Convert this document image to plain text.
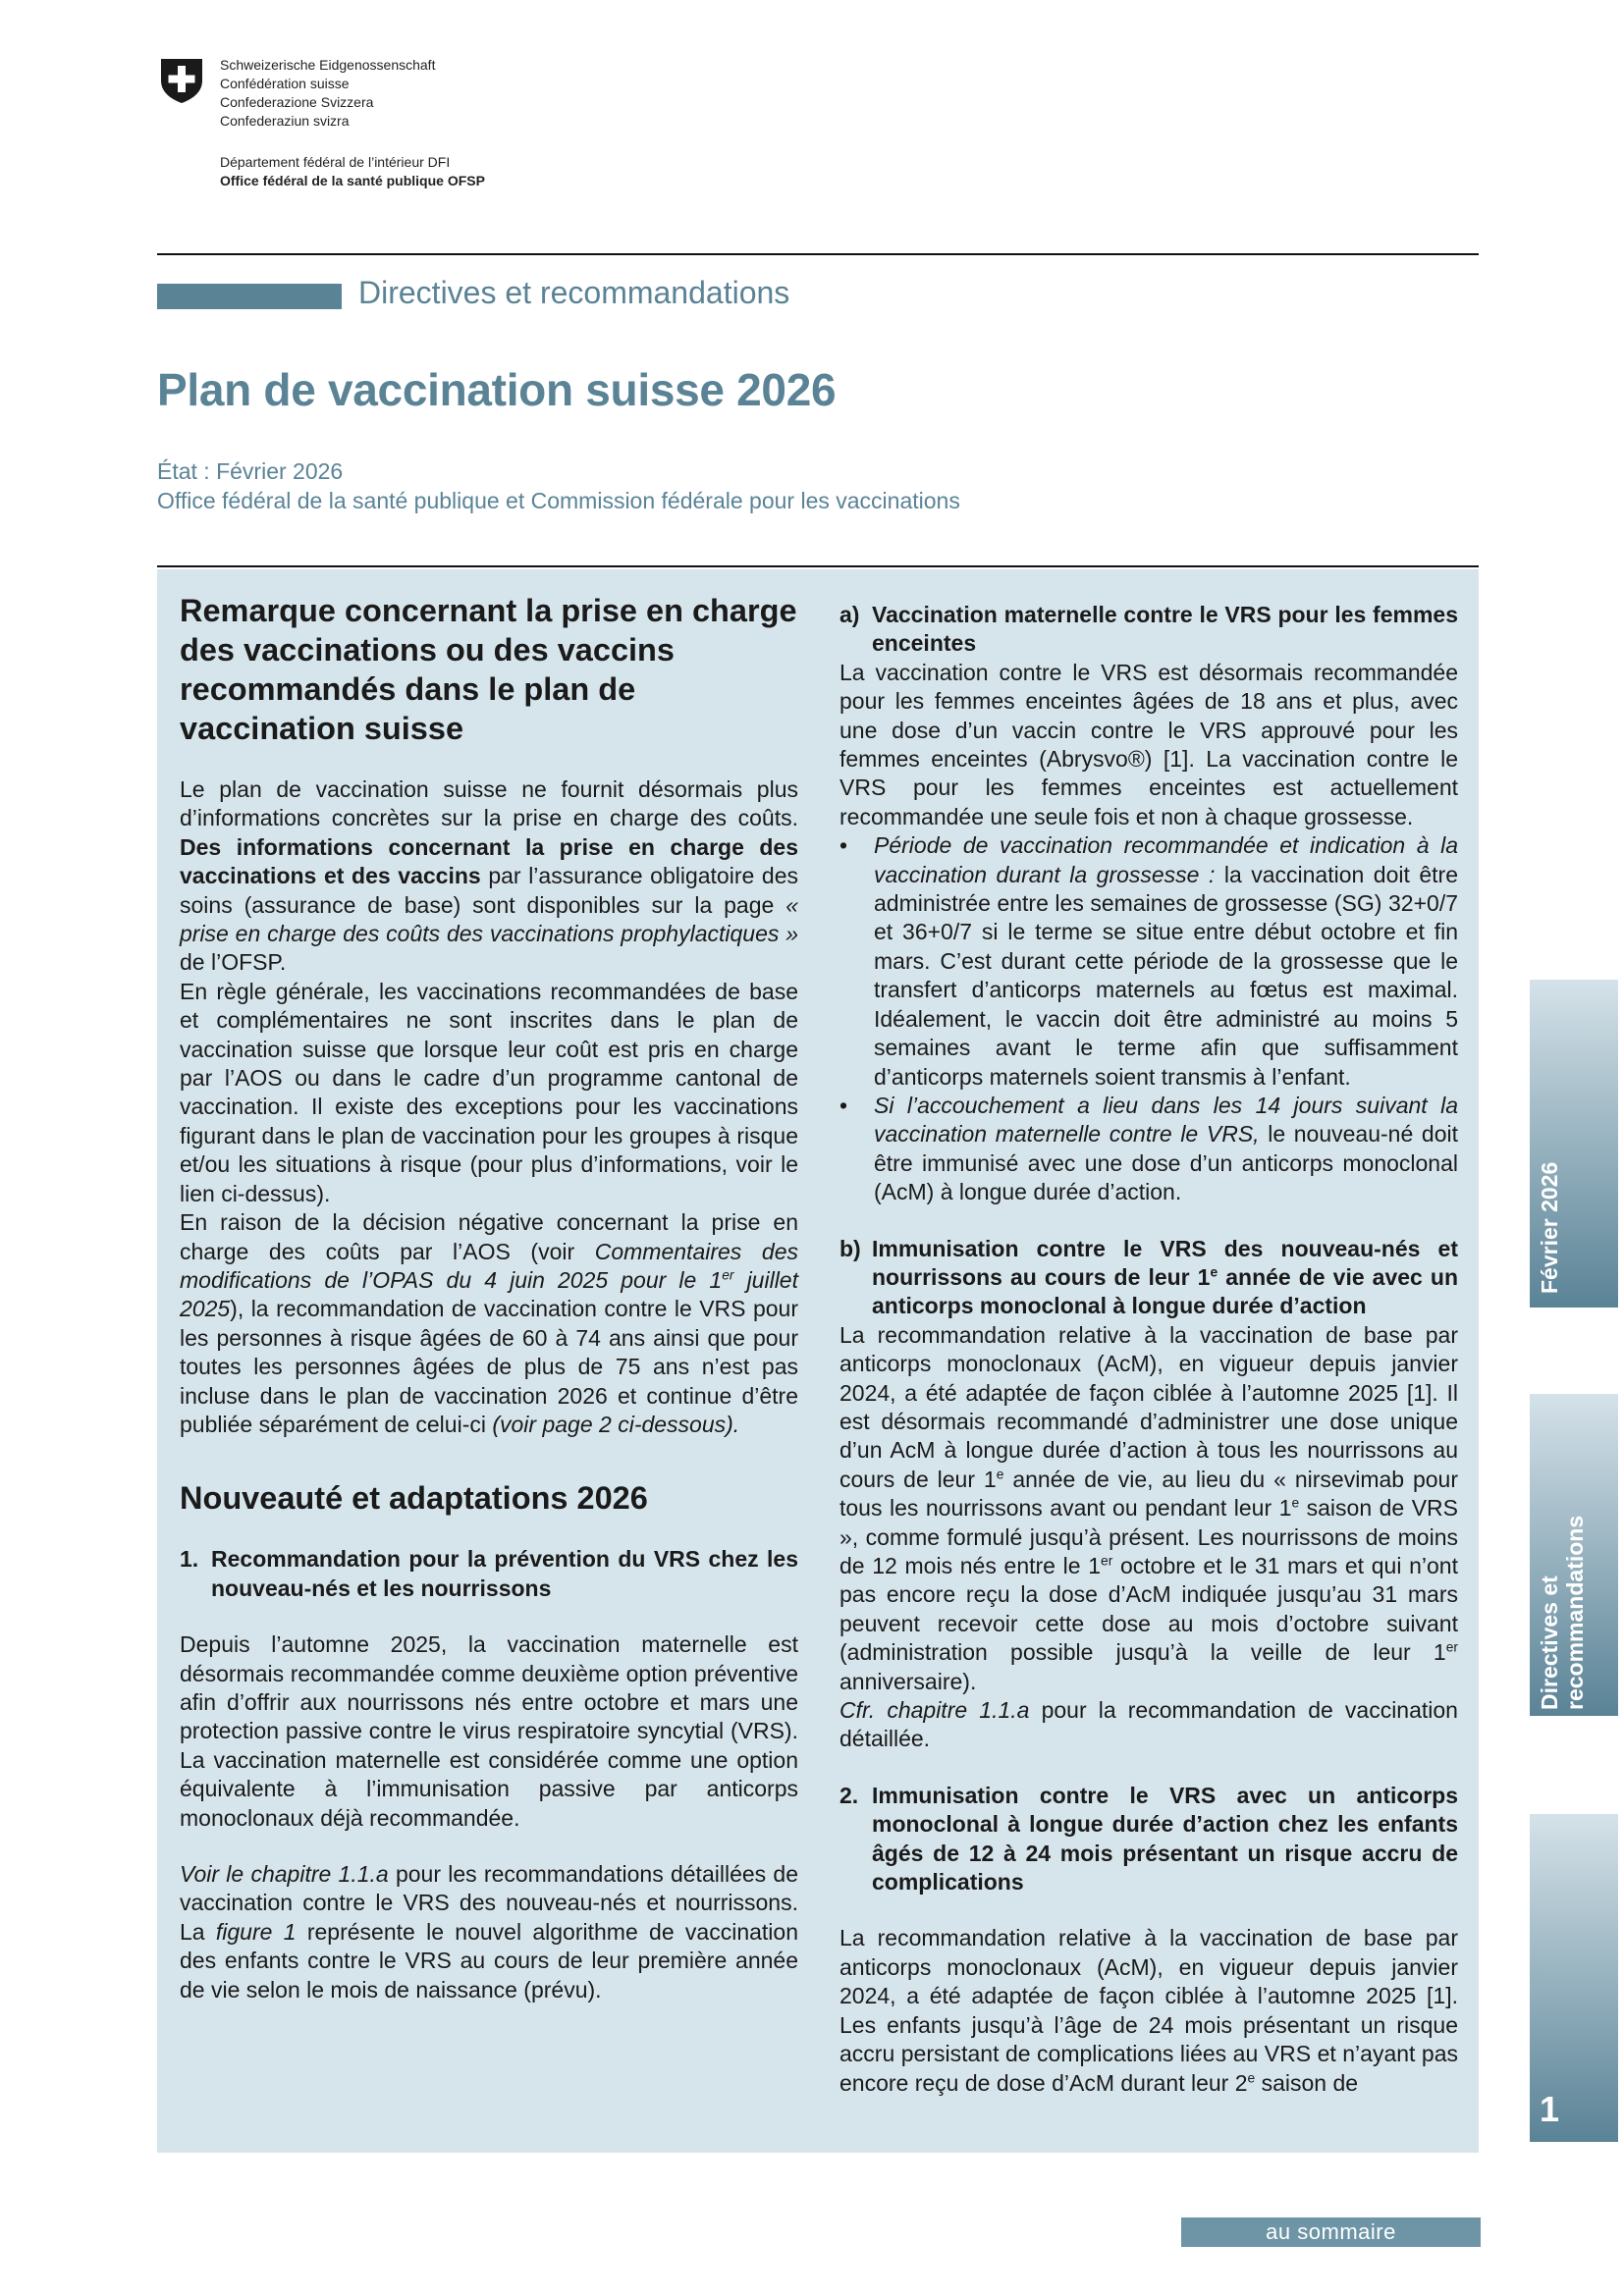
Schweizerische Eidgenossenschaft
Confédération suisse
Confederazione Svizzera
Confederaziun svizra
Département fédéral de l’intérieur DFI
Office fédéral de la santé publique OFSP
Directives et recommandations
Plan de vaccination suisse 2026
État : Février 2026
Office fédéral de la santé publique et Commission fédérale pour les vaccinations
Remarque concernant la prise en charge des vaccinations ou des vaccins recommandés dans le plan de vaccination suisse

Le plan de vaccination suisse ne fournit désormais plus d’informations concrètes sur la prise en charge des coûts. Des informations concernant la prise en charge des vaccinations et des vaccins par l’assurance obligatoire des soins (assurance de base) sont disponibles sur la page « prise en charge des coûts des vaccinations prophylactiques » de l’OFSP.

En règle générale, les vaccinations recommandées de base et complémentaires ne sont inscrites dans le plan de vaccination suisse que lorsque leur coût est pris en charge par l’AOS ou dans le cadre d’un programme cantonal de vaccination. Il existe des exceptions pour les vaccinations figurant dans le plan de vaccination pour les groupes à risque et/ou les situations à risque (pour plus d’informations, voir le lien ci-dessus).

En raison de la décision négative concernant la prise en charge des coûts par l’AOS (voir Commentaires des modifications de l’OPAS du 4 juin 2025 pour le 1er juillet 2025), la recommandation de vaccination contre le VRS pour les personnes à risque âgées de 60 à 74 ans ainsi que pour toutes les personnes âgées de plus de 75 ans n’est pas incluse dans le plan de vaccination 2026 et continue d’être publiée séparément de celui-ci (voir page 2 ci-dessous).

Nouveauté et adaptations 2026
1. Recommandation pour la prévention du VRS chez les nouveau-nés et les nourrissons

Depuis l’automne 2025, la vaccination maternelle est désormais recommandée comme deuxième option préventive afin d’offrir aux nourrissons nés entre octobre et mars une protection passive contre le virus respiratoire syncytial (VRS). La vaccination maternelle est considérée comme une option équivalente à l’immunisation passive par anticorps monoclonaux déjà recommandée.

Voir le chapitre 1.1.a pour les recommandations détaillées de vaccination contre le VRS des nouveau-nés et nourrissons. La figure 1 représente le nouvel algorithme de vaccination des enfants contre le VRS au cours de leur première année de vie selon le mois de naissance (prévu).

a) Vaccination maternelle contre le VRS pour les femmes enceintes

La vaccination contre le VRS est désormais recommandée pour les femmes enceintes âgées de 18 ans et plus, avec une dose d’un vaccin contre le VRS approuvé pour les femmes enceintes (Abrysvo®) [1]. La vaccination contre le VRS pour les femmes enceintes est actuellement recommandée une seule fois et non à chaque grossesse.

•	Période de vaccination recommandée et indication à la vaccination durant la grossesse : la vaccination doit être administrée entre les semaines de grossesse (SG) 32+0/7 et 36+0/7 si le terme se situe entre début octobre et fin mars. C’est durant cette période de la grossesse que le transfert d’anticorps maternels au fœtus est maximal. Idéalement, le vaccin doit être administré au moins 5 semaines avant le terme afin que suffisamment d’anticorps maternels soient transmis à l’enfant.
•	Si l’accouchement a lieu dans les 14 jours suivant la vaccination maternelle contre le VRS, le nouveau-né doit être immunisé avec une dose d’un anticorps monoclonal (AcM) à longue durée d’action.
b) Immunisation contre le VRS des nouveau-nés et nourrissons au cours de leur 1e année de vie avec un anticorps monoclonal à longue durée d’action

La recommandation relative à la vaccination de base par anticorps monoclonaux (AcM), en vigueur depuis janvier 2024, a été adaptée de façon ciblée à l’automne 2025 [1]. Il est désormais recommandé d’administrer une dose unique d’un AcM à longue durée d’action à tous les nourrissons au cours de leur 1e année de vie, au lieu du « nirsevimab pour tous les nourrissons avant ou pendant leur 1e saison de VRS », comme formulé jusqu’à présent. Les nourrissons de moins de 12 mois nés entre le 1er octobre et le 31 mars et qui n’ont pas encore reçu la dose d’AcM indiquée jusqu’au 31 mars peuvent recevoir cette dose au mois d’octobre suivant (administration possible jusqu’à la veille de leur 1er anniversaire).

Cfr. chapitre 1.1.a pour la recommandation de vaccination détaillée.

2. Immunisation contre le VRS avec un anticorps monoclonal à longue durée d’action chez les enfants âgés de 12 à 24 mois présentant un risque accru de complications

La recommandation relative à la vaccination de base par anticorps monoclonaux (AcM), en vigueur depuis janvier 2024, a été adaptée de façon ciblée à l’automne 2025 [1]. Les enfants jusqu’à l’âge de 24 mois présentant un risque accru persistant de complications liées au VRS et n’ayant pas encore reçu de dose d’AcM durant leur 2e saison de

Février 2026
Directives et recommandations
1
au sommaire
